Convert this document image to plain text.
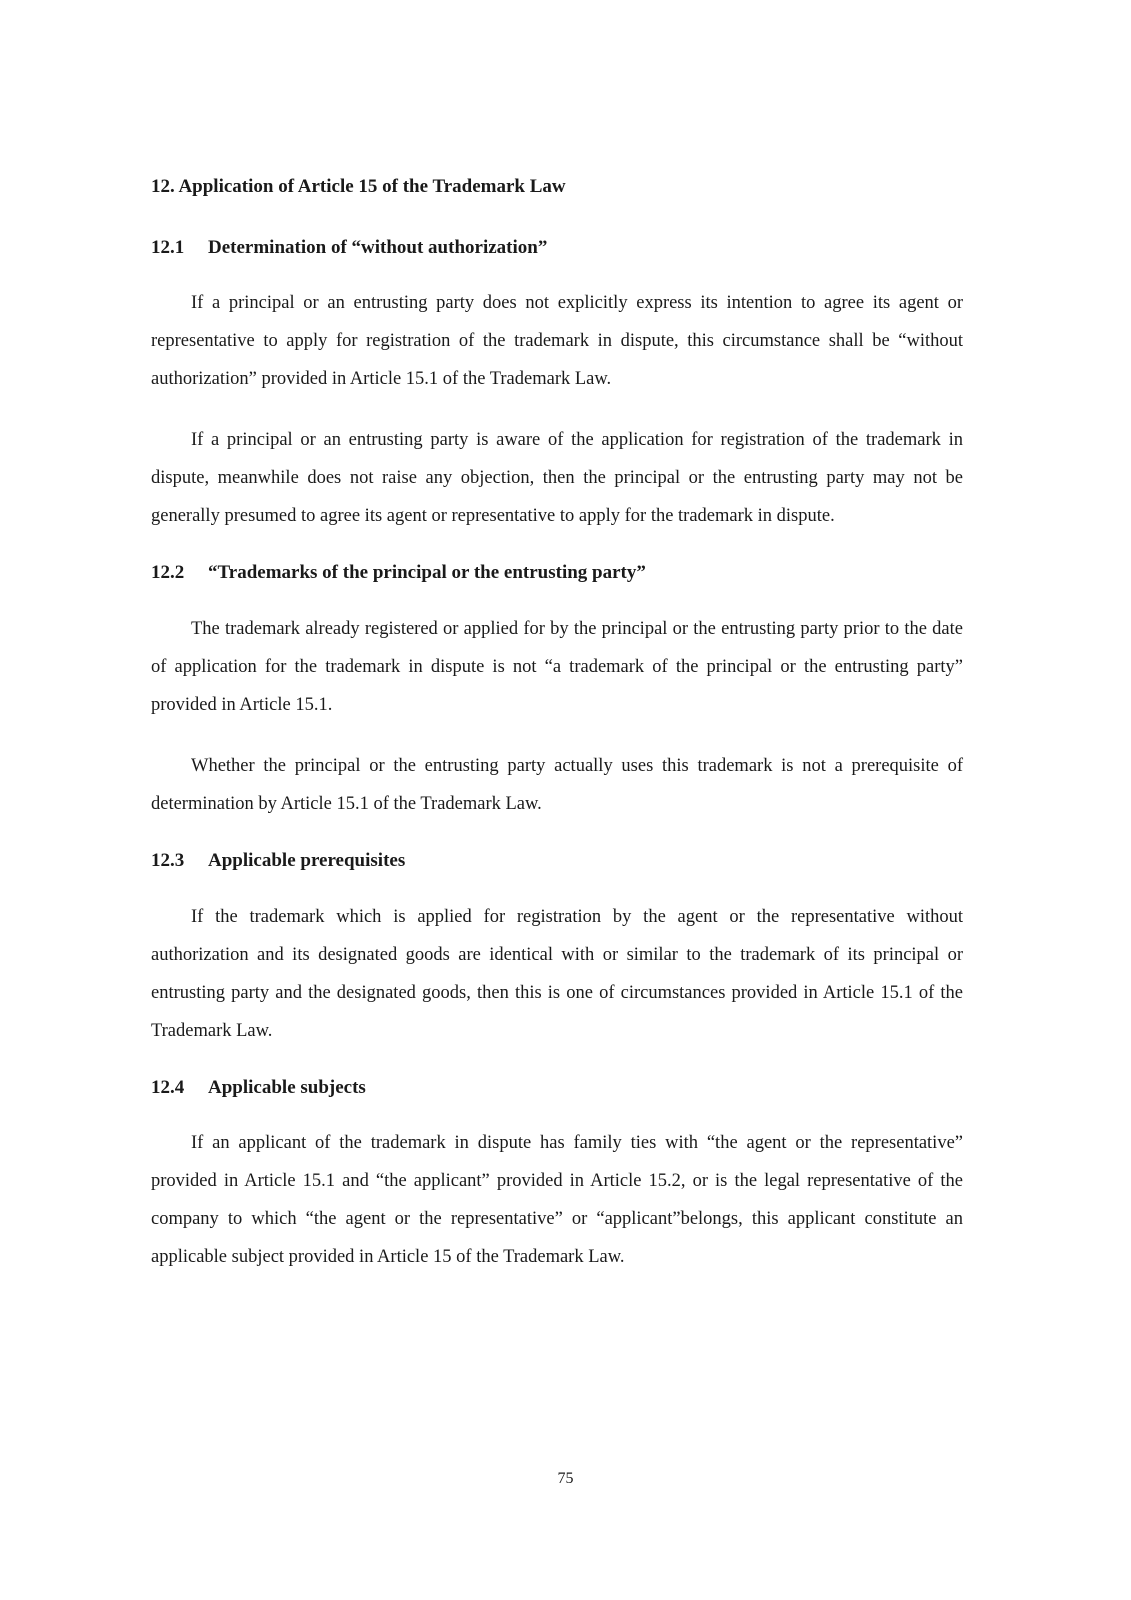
12. Application of Article 15 of the Trademark Law
12.1	Determination of “without authorization”

If a principal or an entrusting party does not explicitly express its intention to agree its agent or representative to apply for registration of the trademark in dispute, this circumstance shall be “without authorization” provided in Article 15.1 of the Trademark Law.

If a principal or an entrusting party is aware of the application for registration of the trademark in dispute, meanwhile does not raise any objection, then the principal or the entrusting party may not be generally presumed to agree its agent or representative to apply for the trademark in dispute.

12.2	“Trademarks of the principal or the entrusting party”

The trademark already registered or applied for by the principal or the entrusting party prior to the date of application for the trademark in dispute is not “a trademark of the principal or the entrusting party” provided in Article 15.1.

Whether the principal or the entrusting party actually uses this trademark is not a prerequisite of determination by Article 15.1 of the Trademark Law.

12.3	Applicable prerequisites

If the trademark which is applied for registration by the agent or the representative without authorization and its designated goods are identical with or similar to the trademark of its principal or entrusting party and the designated goods, then this is one of circumstances provided in Article 15.1 of the Trademark Law.

12.4	Applicable subjects

If an applicant of the trademark in dispute has family ties with “the agent or the representative” provided in Article 15.1 and “the applicant” provided in Article 15.2, or is the legal representative of the company to which “the agent or the representative” or “applicant”belongs, this applicant constitute an applicable subject provided in Article 15 of the Trademark Law.

75
